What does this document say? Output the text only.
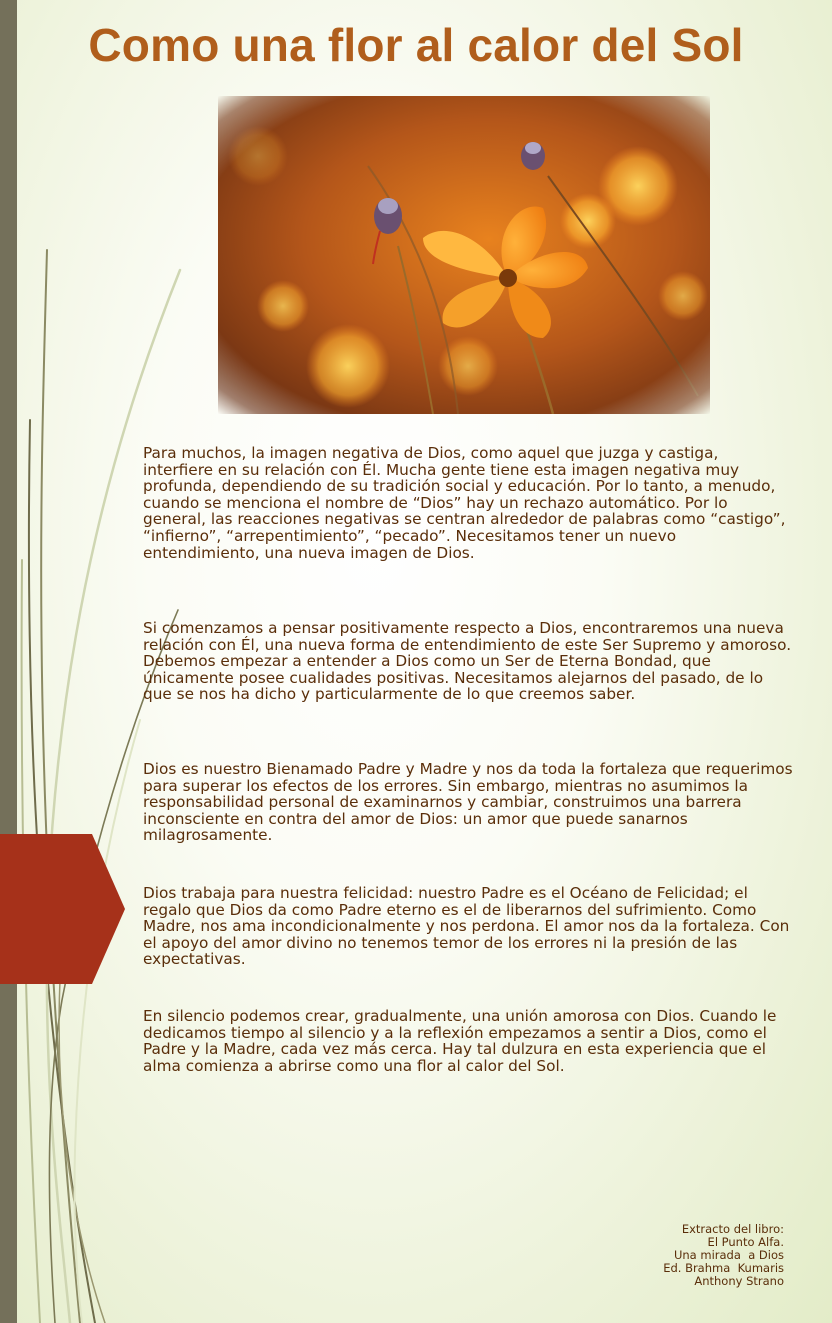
Como una flor al calor del Sol

Para muchos, la imagen negativa de Dios, como aquel que juzga y castiga, interfiere en su relación con Él. Mucha gente tiene esta imagen negativa muy profunda, dependiendo de su tradición social y educación. Por lo tanto, a menudo, cuando se menciona el nombre de “Dios” hay un rechazo automático. Por lo general, las reacciones negativas se centran alrededor de palabras como “castigo”, “infierno”, “arrepentimiento”, “pecado”. Necesitamos tener un nuevo entendimiento, una nueva imagen de Dios.

Si comenzamos a pensar positivamente respecto a Dios, encontraremos una nueva relación con Él, una nueva forma de entendimiento de este Ser Supremo y amoroso. Debemos empezar a entender a Dios como un Ser de Eterna Bondad, que únicamente posee cualidades positivas. Necesitamos alejarnos del pasado, de lo que se nos ha dicho y particularmente de lo que creemos saber.

Dios es nuestro Bienamado Padre y Madre y nos da toda la fortaleza que requerimos para superar los efectos de los errores. Sin embargo, mientras no asumimos la responsabilidad personal de examinarnos y cambiar, construimos una barrera inconsciente en contra del amor de Dios: un amor que puede sanarnos milagrosamente.

Dios trabaja para nuestra felicidad: nuestro Padre es el Océano de Felicidad; el regalo que Dios da como Padre eterno es el de liberarnos del sufrimiento. Como Madre, nos ama incondicionalmente y nos perdona. El amor nos da la fortaleza. Con el apoyo del amor divino no tenemos temor de los errores ni la presión de las expectativas.

En silencio podemos crear, gradualmente, una unión amorosa con Dios. Cuando le dedicamos tiempo al silencio y a la reflexión empezamos a sentir a Dios, como el Padre y la Madre, cada vez más cerca. Hay tal dulzura en esta experiencia que el alma comienza a abrirse como una flor al calor del Sol.

Extracto del libro:
El Punto Alfa.
Una mirada  a Dios
Ed. Brahma  Kumaris
Anthony Strano
